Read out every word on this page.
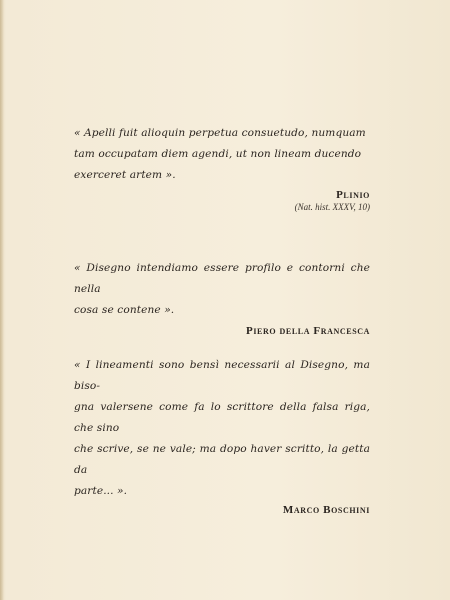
« Apelli fuit alioquin perpetua consuetudo, numquam
tam occupatam diem agendi, ut non lineam ducendo
exerceret artem ».

Plinio
(Nat. hist. XXXV, 10)

« Disegno intendiamo essere profilo e contorni che nella
cosa se contene ».

Piero della Francesca

« I lineamenti sono bensì necessarii al Disegno, ma biso-
gna valersene come fa lo scrittore della falsa riga, che sino
che scrive, se ne vale; ma dopo haver scritto, la getta da
parte... ».

Marco Boschini
